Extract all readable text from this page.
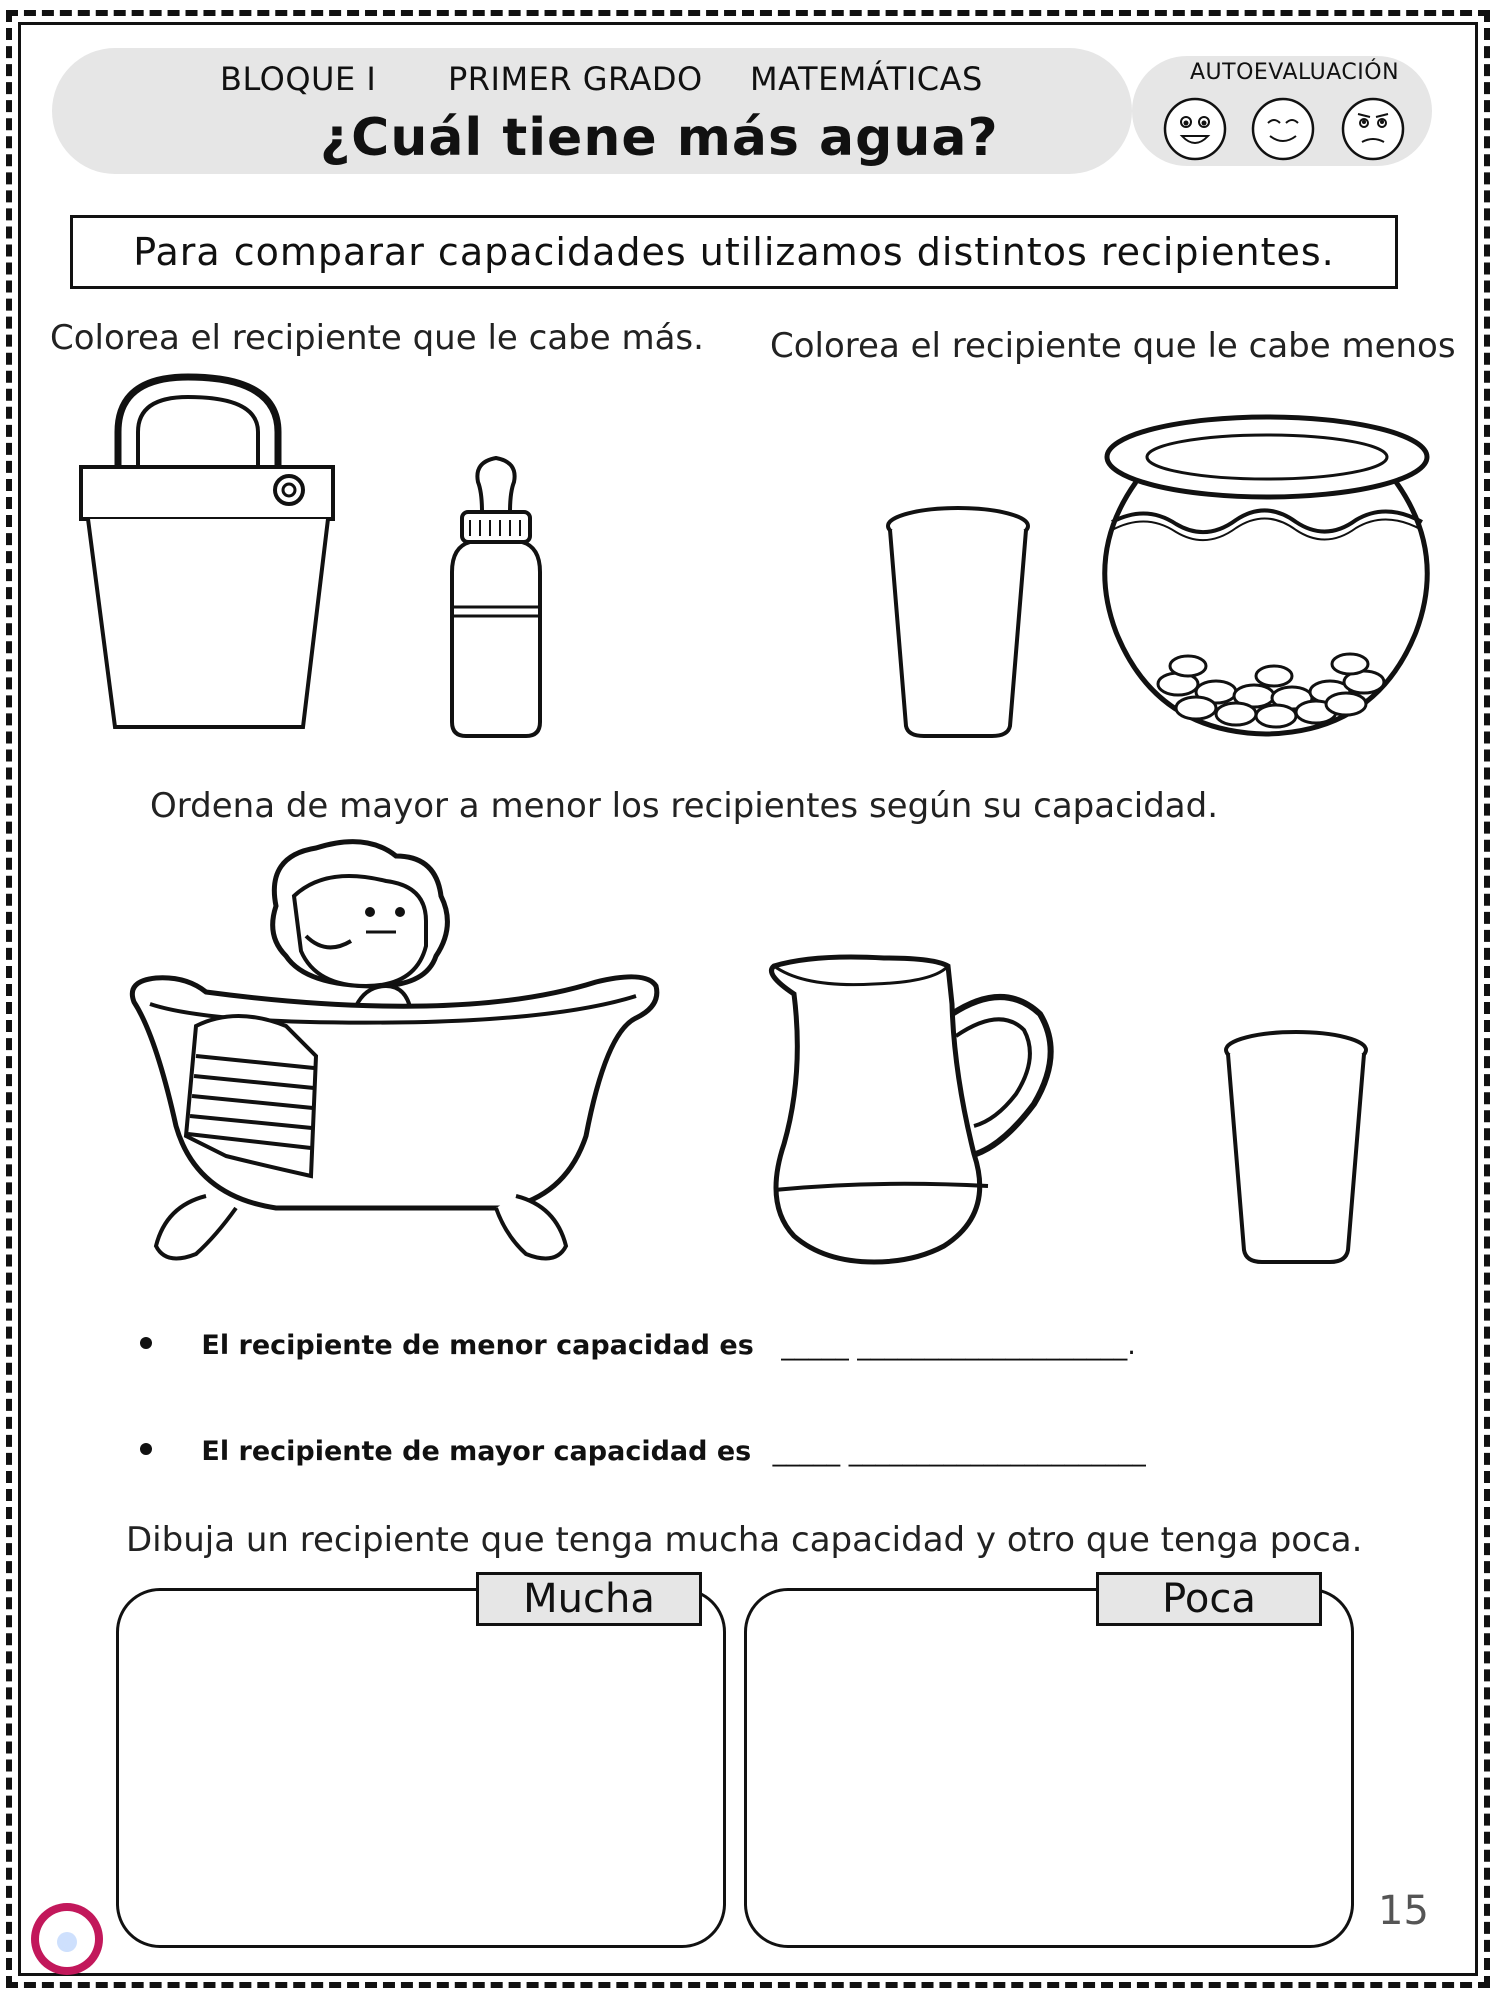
BLOQUE I PRIMER GRADO MATEMÁTICAS
¿Cuál tiene más agua?
AUTOEVALUACIÓN
Para comparar capacidades utilizamos distintos recipientes.
Colorea el recipiente que le cabe más. Colorea el recipiente que le cabe menos
Ordena de mayor a menor los recipientes según su capacidad.
El recipiente de menor capacidad es _____ ____________________.
El recipiente de mayor capacidad es _____ ______________________
Dibuja un recipiente que tenga mucha capacidad y otro que tenga poca.
Mucha	Poca
15
